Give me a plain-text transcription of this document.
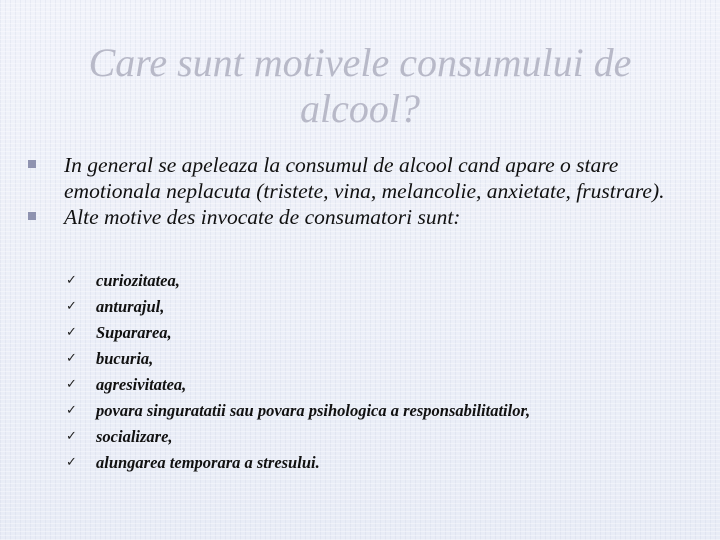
Care sunt motivele consumului de alcool?
In general se apeleaza la consumul de alcool cand apare o stare emotionala neplacuta (tristete, vina, melancolie, anxietate, frustrare).
Alte motive des invocate de consumatori sunt:
✓ curiozitatea,
✓ anturajul,
✓ Supararea,
✓ bucuria,
✓ agresivitatea,
✓ povara singuratatii sau povara psihologica a responsabilitatilor,
✓ socializare,
✓ alungarea temporara a stresului.
